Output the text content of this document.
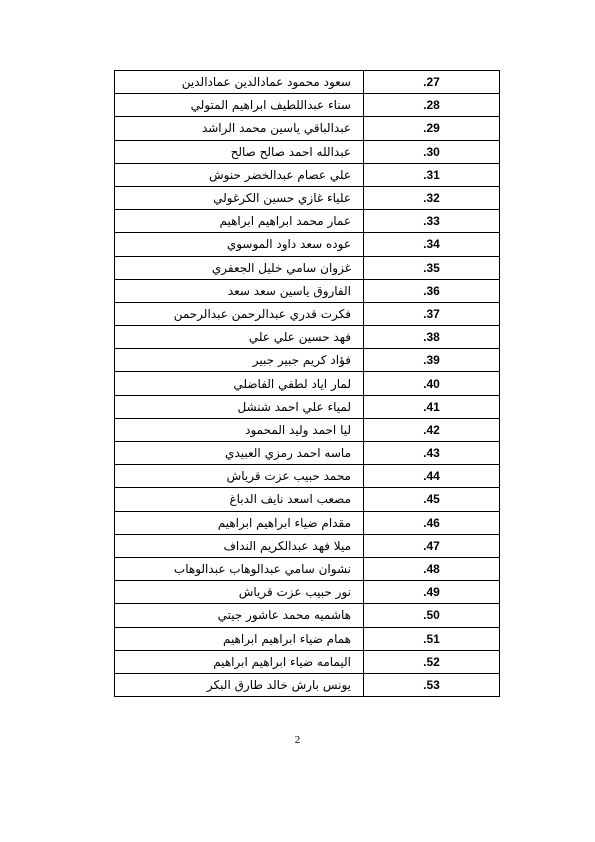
سعود محمود عمادالدين عمادالدين	.27
سناء عبداللطيف ابراهيم المتولي	.28
عبدالباقي ياسين محمد الراشد	.29
عبدالله احمد صالح صالح	.30
علي عصام عبدالخضر حنوش	.31
علياء غازي حسين الكرغولي	.32
عمار محمد ابراهيم ابراهيم	.33
عوده سعد داود الموسوي	.34
غزوان سامي خليل الجعفري	.35
الفاروق ياسين سعد سعد	.36
فكرت قدري عبدالرحمن عبدالرحمن	.37
فهد حسين علي علي	.38
فؤاد كريم جبير جبير	.39
لمار اياد لطفي الفاضلي	.40
لمياء علي احمد شنشل	.41
ليا احمد وليد المحمود	.42
ماسه احمد رمزي العبيدي	.43
محمد حبيب عزت قرياش	.44
مصعب اسعد نايف الدباغ	.45
مقدام ضياء ابراهيم ابراهيم	.46
ميلا فهد عبدالكريم النداف	.47
نشوان سامي عبدالوهاب عبدالوهاب	.48
نور حبيب عزت قرياش	.49
هاشميه محمد عاشور جيتي	.50
همام ضياء ابراهيم ابراهيم	.51
اليمامه ضياء ابراهيم ابراهيم	.52
يونس بارش خالد طارق البكر	.53
2
